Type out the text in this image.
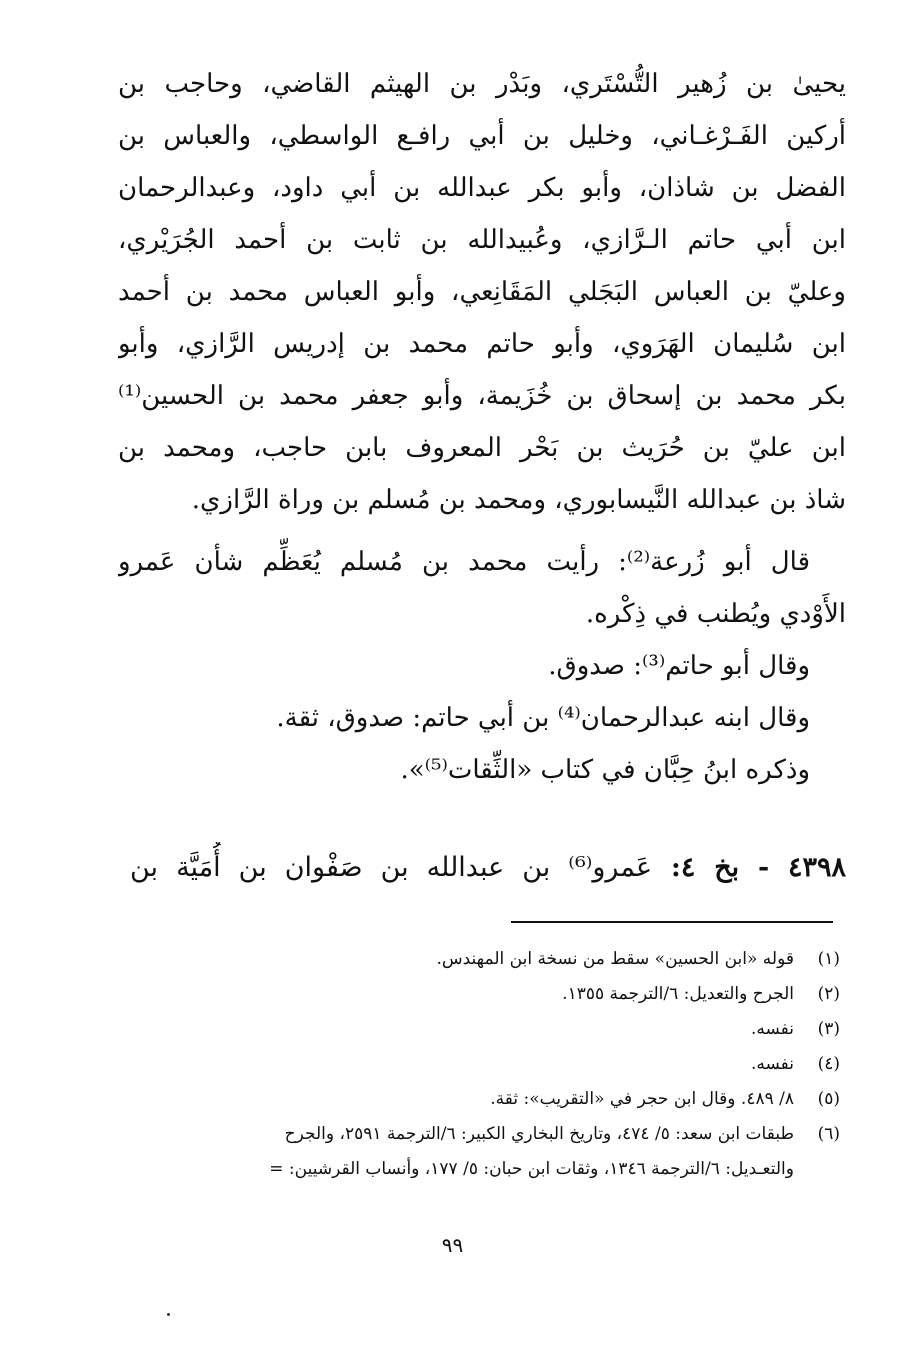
يحيىٰ بن زُهير التُّسْتَري، وبَدْر بن الهيثم القاضي، وحاجب بن
أركين الفَـرْغـاني، وخليل بن أبي رافـع الواسطي، والعباس بن
الفضل بن شاذان، وأبو بكر عبدالله بن أبي داود، وعبدالرحمان
ابن أبي حاتم الـرَّازي، وعُبيدالله بن ثابت بن أحمد الجُرَيْري،
وعليّ بن العباس البَجَلي المَقَانِعي، وأبو العباس محمد بن أحمد
ابن سُليمان الهَرَوي، وأبو حاتم محمد بن إدريس الرَّازي، وأبو
بكر محمد بن إسحاق بن خُزَيمة، وأبو جعفر محمد بن الحسين⁽¹⁾
ابن عليّ بن حُرَيث بن بَحْر المعروف بابن حاجب، ومحمد بن
شاذ بن عبدالله النَّيسابوري، ومحمد بن مُسلم بن وراة الرَّازي.
قال أبو زُرعة⁽²⁾: رأيت محمد بن مُسلم يُعَظِّم شأن عَمرو
الأَوْدي ويُطنب في ذِكْره.
وقال أبو حاتم⁽³⁾: صدوق.
وقال ابنه عبدالرحمان⁽⁴⁾ بن أبي حاتم: صدوق، ثقة.
وذكره ابنُ حِبَّان في كتاب «الثِّقات⁽⁵⁾».
٤٣٩٨ - بخ ٤: عَمرو⁽⁶⁾ بن عبدالله بن صَفْوان بن أُمَيَّة بن
(١)
قوله «ابن الحسين» سقط من نسخة ابن المهندس.
(٢)
الجرح والتعديل: ٦/الترجمة ١٣٥٥.
(٣)
نفسه.
(٤)
نفسه.
(٥)
٨/ ٤٨٩. وقال ابن حجر في «التقريب»: ثقة.
(٦)
طبقات ابن سعد: ٥/ ٤٧٤، وتاريخ البخاري الكبير: ٦/الترجمة ٢٥٩١، والجرح
والتعـديل: ٦/الترجمة ١٣٤٦، وثقات ابن حبان: ٥/ ١٧٧، وأنساب القرشيين: =
٩٩
